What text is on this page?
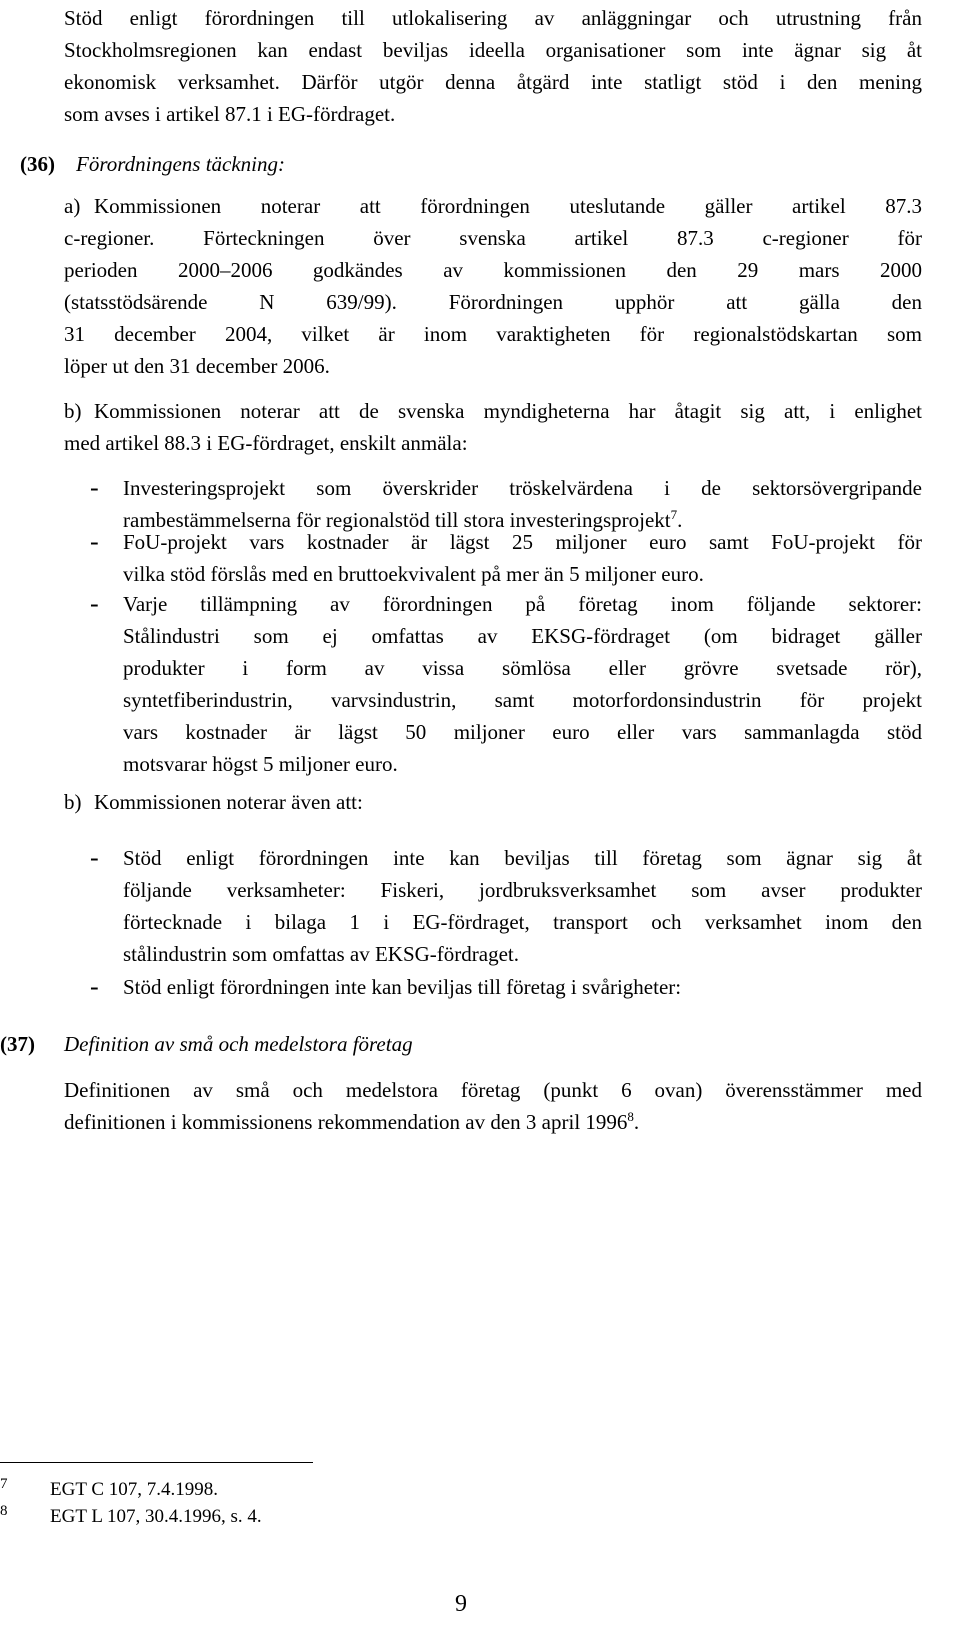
Stöd enligt förordningen till utlokalisering av anläggningar och utrustning från
Stockholmsregionen kan endast beviljas ideella organisationer som inte ägnar sig åt
ekonomisk verksamhet. Därför utgör denna åtgärd inte statligt stöd i den mening
som avses i artikel 87.1 i EG-fördraget.
(36) Förordningens täckning:
a) Kommissionen noterar att förordningen uteslutande gäller artikel 87.3
c-regioner. Förteckningen över svenska artikel 87.3 c-regioner för
perioden 2000–2006 godkändes av kommissionen den 29 mars 2000
(statsstödsärende N 639/99). Förordningen upphör att gälla den
31 december 2004, vilket är inom varaktigheten för regionalstödskartan som
löper ut den 31 december 2006.
b) Kommissionen noterar att de svenska myndigheterna har åtagit sig att, i enlighet
med artikel 88.3 i EG-fördraget, enskilt anmäla:
- Investeringsprojekt som överskrider tröskelvärdena i de sektorsövergripande
rambestämmelserna för regionalstöd till stora investeringsprojekt$^7$.
- FoU-projekt vars kostnader är lägst 25 miljoner euro samt FoU-projekt för
vilka stöd förslås med en bruttoekvivalent på mer än 5 miljoner euro.
- Varje tillämpning av förordningen på företag inom följande sektorer:
Stålindustri som ej omfattas av EKSG-fördraget (om bidraget gäller
produkter i form av vissa sömlösa eller grövre svetsade rör),
syntetfiberindustrin, varvsindustrin, samt motorfordonsindustrin för projekt
vars kostnader är lägst 50 miljoner euro eller vars sammanlagda stöd
motsvarar högst 5 miljoner euro.
b) Kommissionen noterar även att:
- Stöd enligt förordningen inte kan beviljas till företag som ägnar sig åt
följande verksamheter: Fiskeri, jordbruksverksamhet som avser produkter
förtecknade i bilaga 1 i EG-fördraget, transport och verksamhet inom den
stålindustrin som omfattas av EKSG-fördraget.
- Stöd enligt förordningen inte kan beviljas till företag i svårigheter:
(37) Definition av små och medelstora företag
Definitionen av små och medelstora företag (punkt 6 ovan) överensstämmer med
definitionen i kommissionens rekommendation av den 3 april 1996$^8$.
7 EGT C 107, 7.4.1998.
8 EGT L 107, 30.4.1996, s. 4.
9
